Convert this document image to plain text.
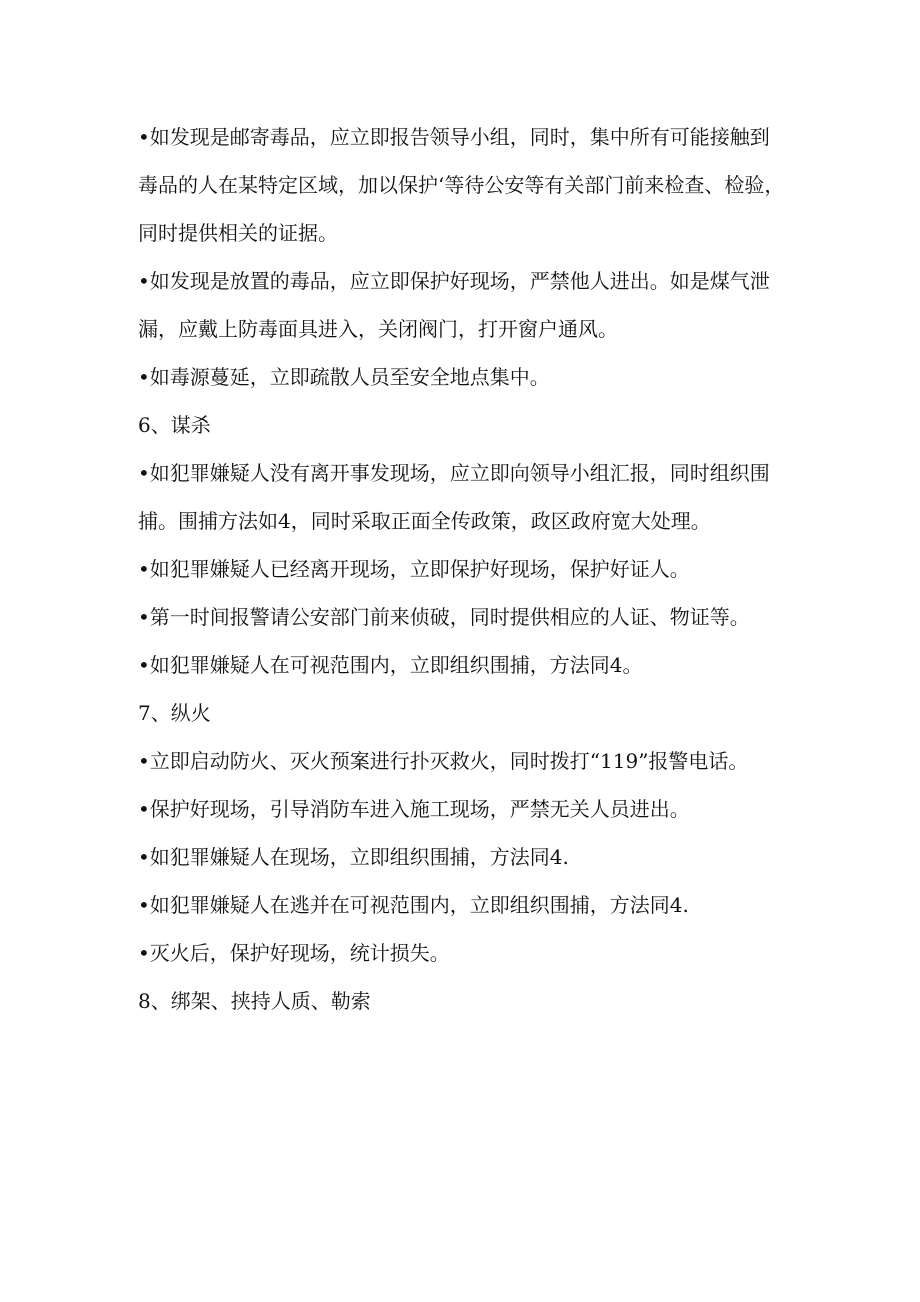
•如发现是邮寄毒品，应立即报告领导小组，同时，集中所有可能接触到毒品的人在某特定区域，加以保护‘等待公安等有关部门前来检查、检验，同时提供相关的证据。

•如发现是放置的毒品，应立即保护好现场，严禁他人进出。如是煤气泄漏，应戴上防毒面具进入，关闭阀门，打开窗户通风。

•如毒源蔓延，立即疏散人员至安全地点集中。

6、谋杀

•如犯罪嫌疑人没有离开事发现场，应立即向领导小组汇报，同时组织围捕。围捕方法如4，同时采取正面全传政策，政区政府宽大处理。

•如犯罪嫌疑人已经离开现场，立即保护好现场，保护好证人。

•第一时间报警请公安部门前来侦破，同时提供相应的人证、物证等。

•如犯罪嫌疑人在可视范围内，立即组织围捕，方法同4。

7、纵火

•立即启动防火、灭火预案进行扑灭救火，同时拨打“119”报警电话。

•保护好现场，引导消防车进入施工现场，严禁无关人员进出。

•如犯罪嫌疑人在现场，立即组织围捕，方法同4.

•如犯罪嫌疑人在逃并在可视范围内，立即组织围捕，方法同4.

•灭火后，保护好现场，统计损失。

8、绑架、挟持人质、勒索
